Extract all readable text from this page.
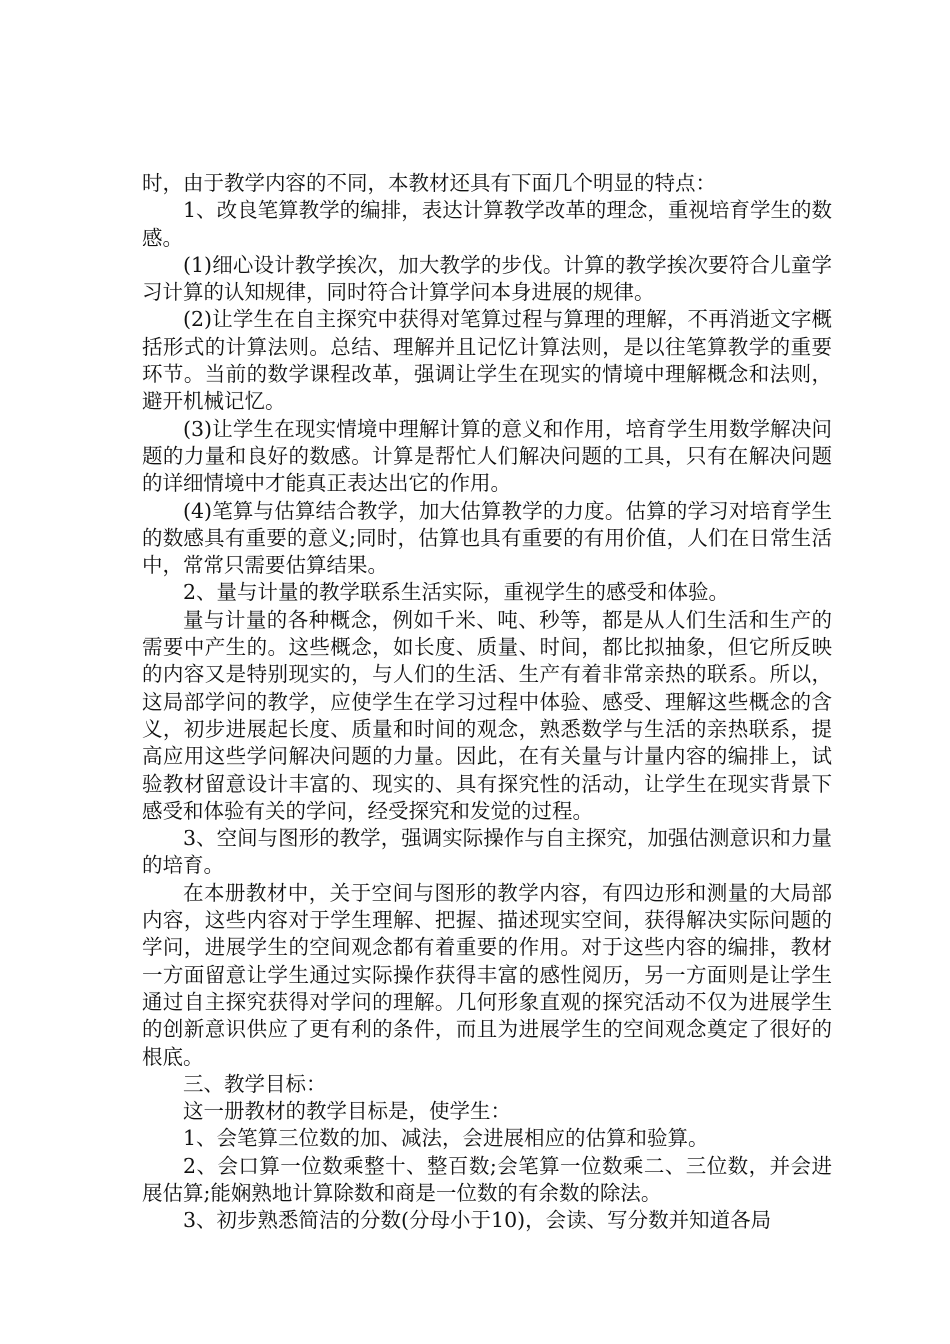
时，由于教学内容的不同，本教材还具有下面几个明显的特点：

1、改良笔算教学的编排，表达计算教学改革的理念，重视培育学生的数感。

(1)细心设计教学挨次，加大教学的步伐。计算的教学挨次要符合儿童学习计算的认知规律，同时符合计算学问本身进展的规律。

(2)让学生在自主探究中获得对笔算过程与算理的理解，不再消逝文字概括形式的计算法则。总结、理解并且记忆计算法则，是以往笔算教学的重要环节。当前的数学课程改革，强调让学生在现实的情境中理解概念和法则，避开机械记忆。

(3)让学生在现实情境中理解计算的意义和作用，培育学生用数学解决问题的力量和良好的数感。计算是帮忙人们解决问题的工具，只有在解决问题的详细情境中才能真正表达出它的作用。

(4)笔算与估算结合教学，加大估算教学的力度。估算的学习对培育学生的数感具有重要的意义;同时，估算也具有重要的有用价值，人们在日常生活中，常常只需要估算结果。

2、量与计量的教学联系生活实际，重视学生的感受和体验。

量与计量的各种概念，例如千米、吨、秒等，都是从人们生活和生产的需要中产生的。这些概念，如长度、质量、时间，都比拟抽象，但它所反映的内容又是特别现实的，与人们的生活、生产有着非常亲热的联系。所以，这局部学问的教学，应使学生在学习过程中体验、感受、理解这些概念的含义，初步进展起长度、质量和时间的观念，熟悉数学与生活的亲热联系，提高应用这些学问解决问题的力量。因此，在有关量与计量内容的编排上，试验教材留意设计丰富的、现实的、具有探究性的活动，让学生在现实背景下感受和体验有关的学问，经受探究和发觉的过程。

3、空间与图形的教学，强调实际操作与自主探究，加强估测意识和力量的培育。

在本册教材中，关于空间与图形的教学内容，有四边形和测量的大局部内容，这些内容对于学生理解、把握、描述现实空间，获得解决实际问题的学问，进展学生的空间观念都有着重要的作用。对于这些内容的编排，教材一方面留意让学生通过实际操作获得丰富的感性阅历，另一方面则是让学生通过自主探究获得对学问的理解。几何形象直观的探究活动不仅为进展学生的创新意识供应了更有利的条件，而且为进展学生的空间观念奠定了很好的根底。

三、教学目标：

这一册教材的教学目标是，使学生：

1、会笔算三位数的加、减法，会进展相应的估算和验算。

2、会口算一位数乘整十、整百数;会笔算一位数乘二、三位数，并会进展估算;能娴熟地计算除数和商是一位数的有余数的除法。

3、初步熟悉简洁的分数(分母小于10)，会读、写分数并知道各局
